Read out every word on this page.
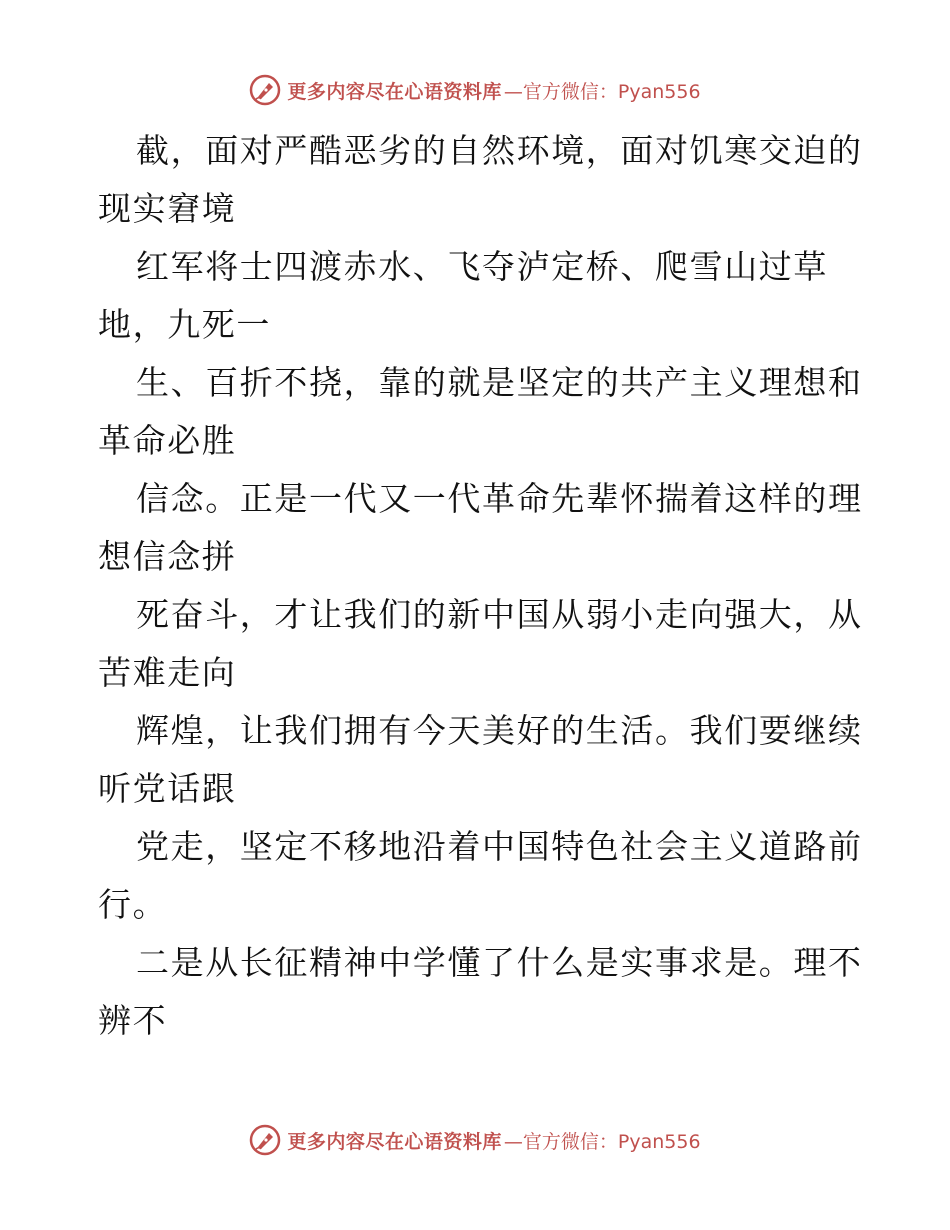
更多内容尽在心语资料库 —官方微信：Pyan556
截，面对严酷恶劣的自然环境，面对饥寒交迫的
现实窘境
红军将士四渡赤水、飞夺泸定桥、爬雪山过草
地，九死一
生、百折不挠，靠的就是坚定的共产主义理想和
革命必胜
信念。正是一代又一代革命先辈怀揣着这样的理
想信念拼
死奋斗，才让我们的新中国从弱小走向强大，从
苦难走向
辉煌，让我们拥有今天美好的生活。我们要继续
听党话跟
党走，坚定不移地沿着中国特色社会主义道路前
行。
二是从长征精神中学懂了什么是实事求是。理不
辨不
更多内容尽在心语资料库 —官方微信：Pyan556
